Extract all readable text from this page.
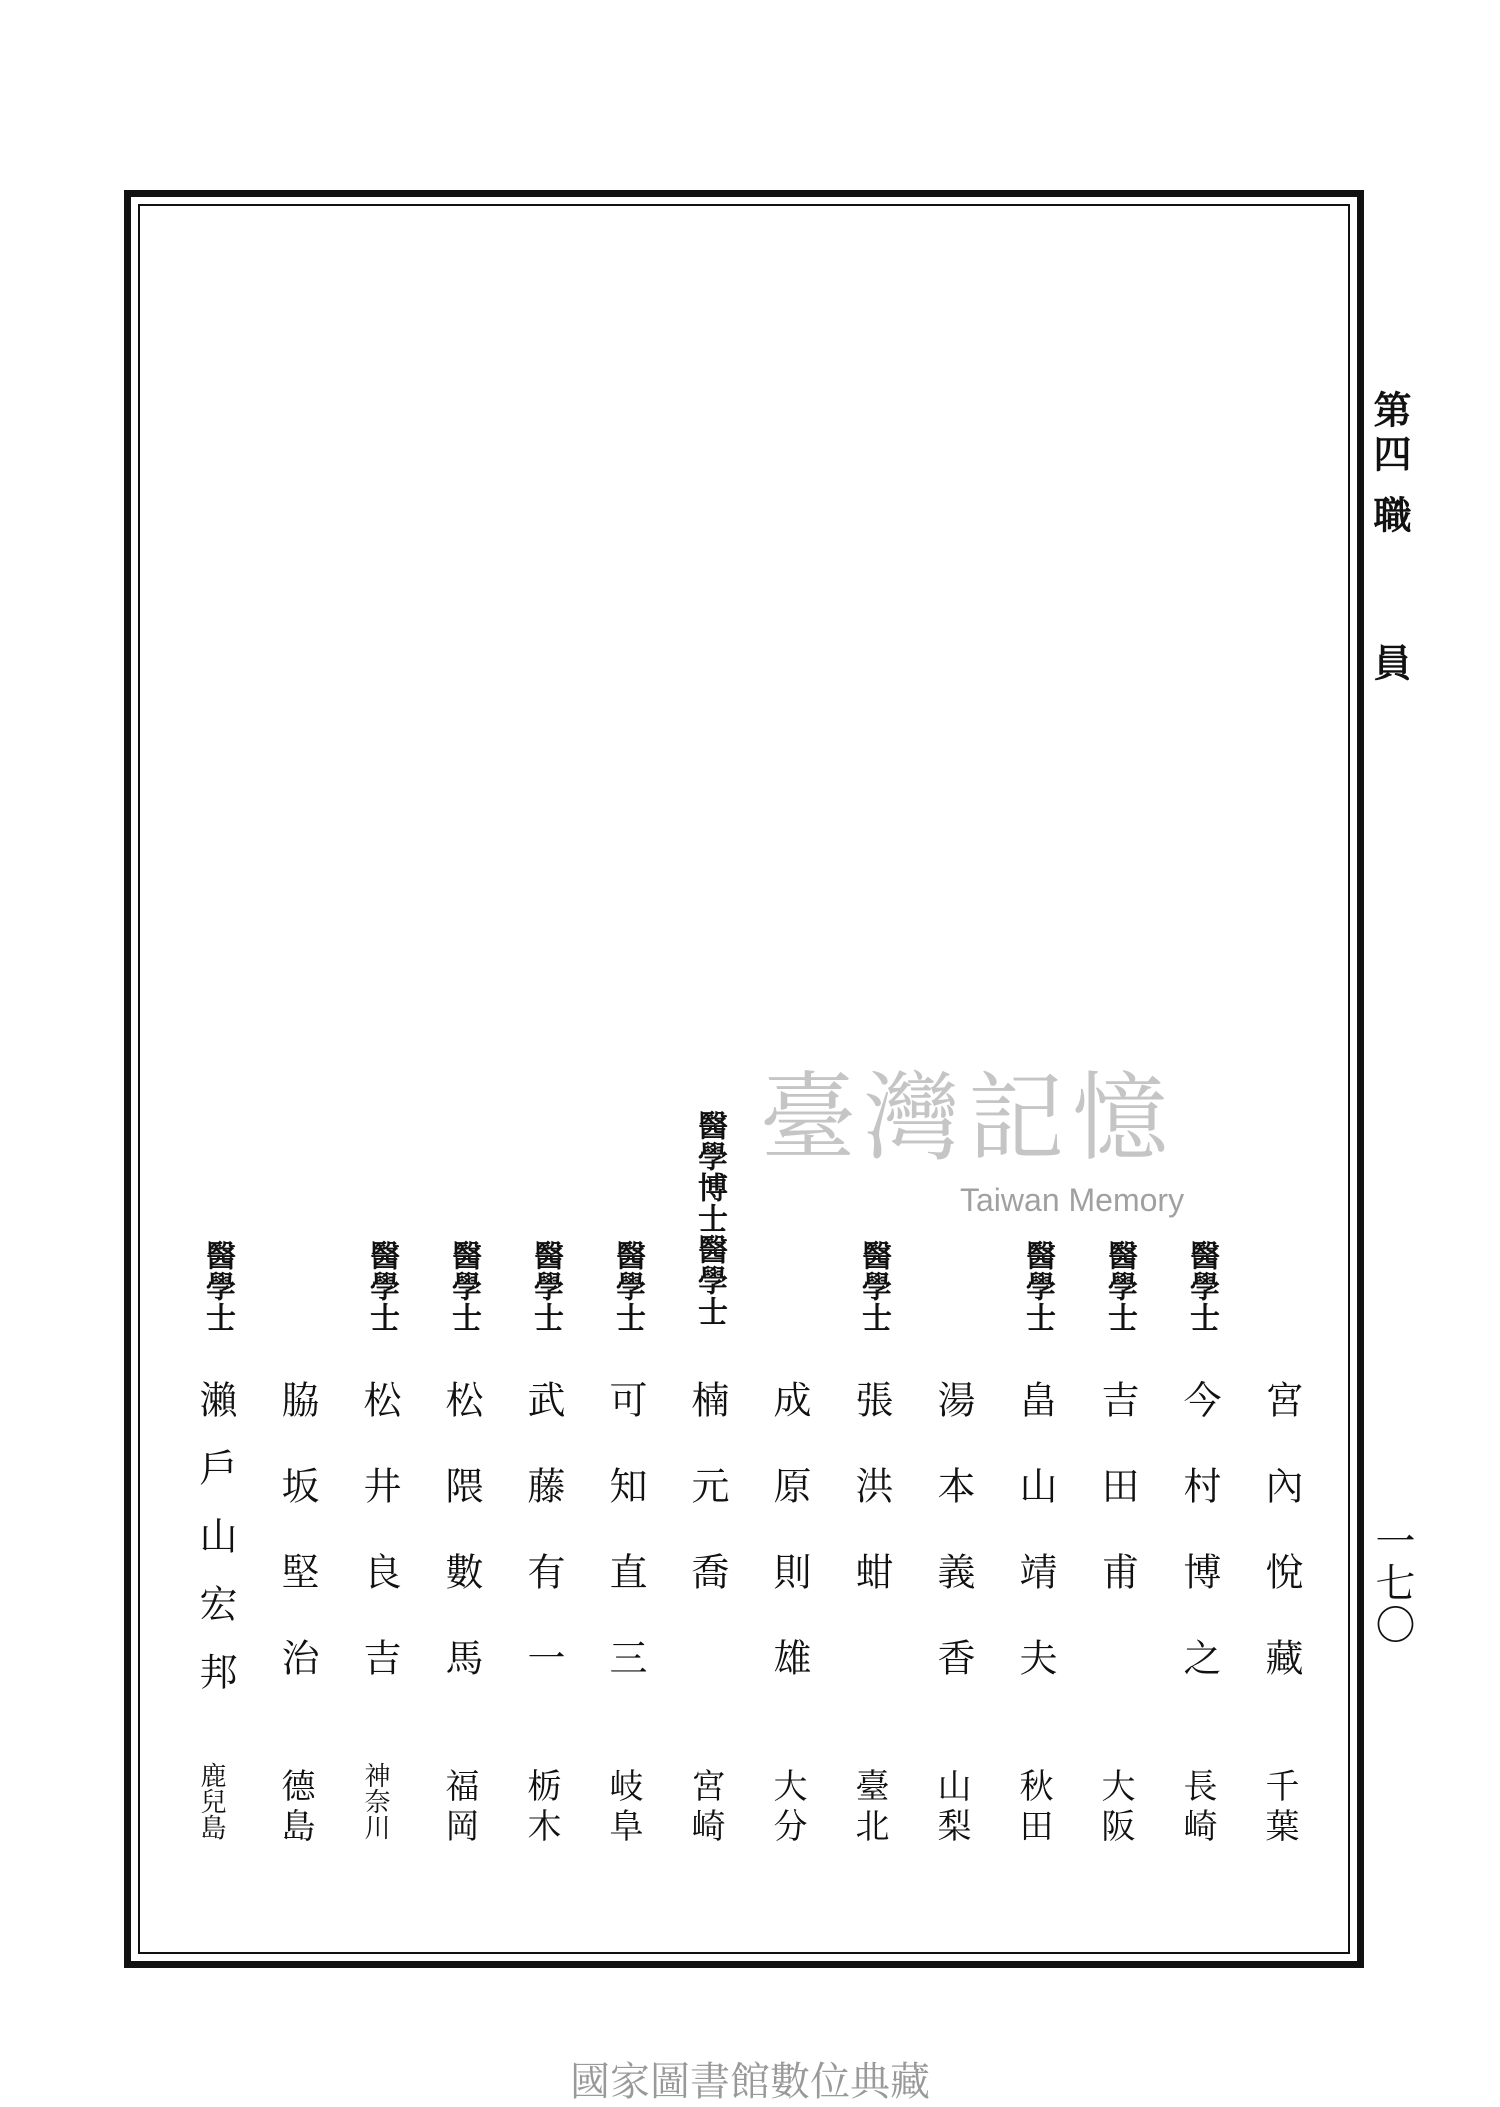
第四
職員
一七〇
宮內悅藏
醫學士
今村博之
醫學士
吉田甫
醫學士
畠山靖夫
湯本義香
醫學士
張洪蚶
成原則雄
醫學博士醫學士
楠元喬
醫學士
可知直三
醫學士
武藤有一
醫學士
松隈數馬
醫學士
松井良吉
脇坂堅治
醫學士
瀨戶山宏邦
千葉
長崎
大阪
秋田
山梨
臺北
大分
宮崎
岐阜
栃木
福岡
神奈川
德島
鹿兒島
臺灣記憶
Taiwan Memory
國家圖書館數位典藏
